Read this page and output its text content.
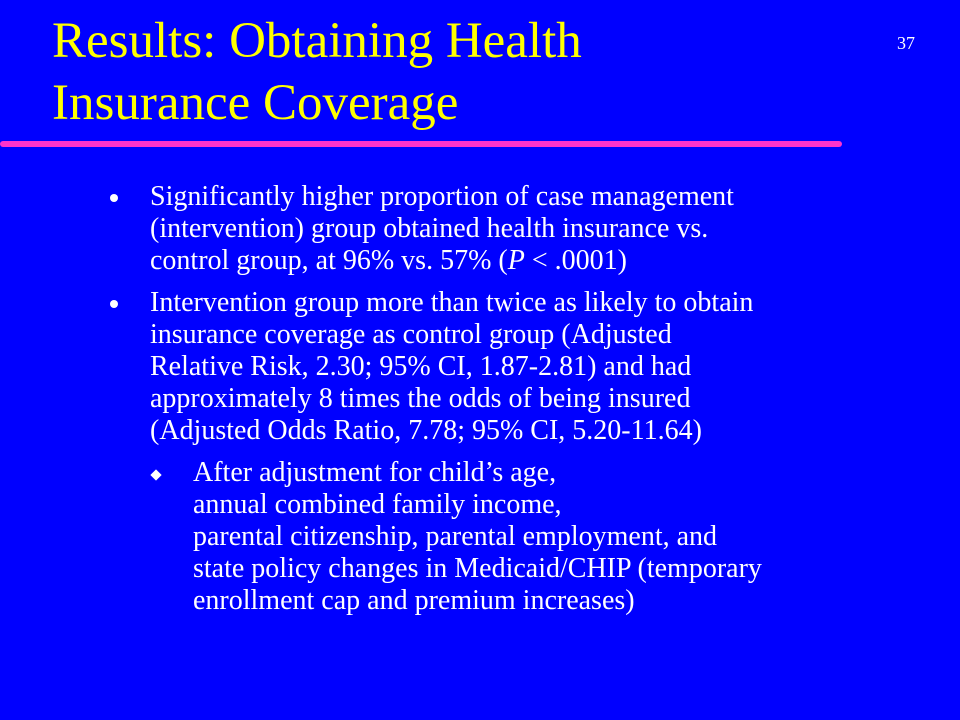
Results: Obtaining Health
Insurance Coverage
37
Significantly higher proportion of case management
(intervention) group obtained health insurance vs.
control group, at 96% vs. 57% (P < .0001)
Intervention group more than twice as likely to obtain
insurance coverage as control group (Adjusted
Relative Risk, 2.30; 95% CI, 1.87-2.81) and had
approximately 8 times the odds of being insured
(Adjusted Odds Ratio, 7.78; 95% CI, 5.20-11.64)
After adjustment for child’s age,
annual combined family income,
parental citizenship, parental employment, and
state policy changes in Medicaid/CHIP (temporary
enrollment cap and premium increases)
